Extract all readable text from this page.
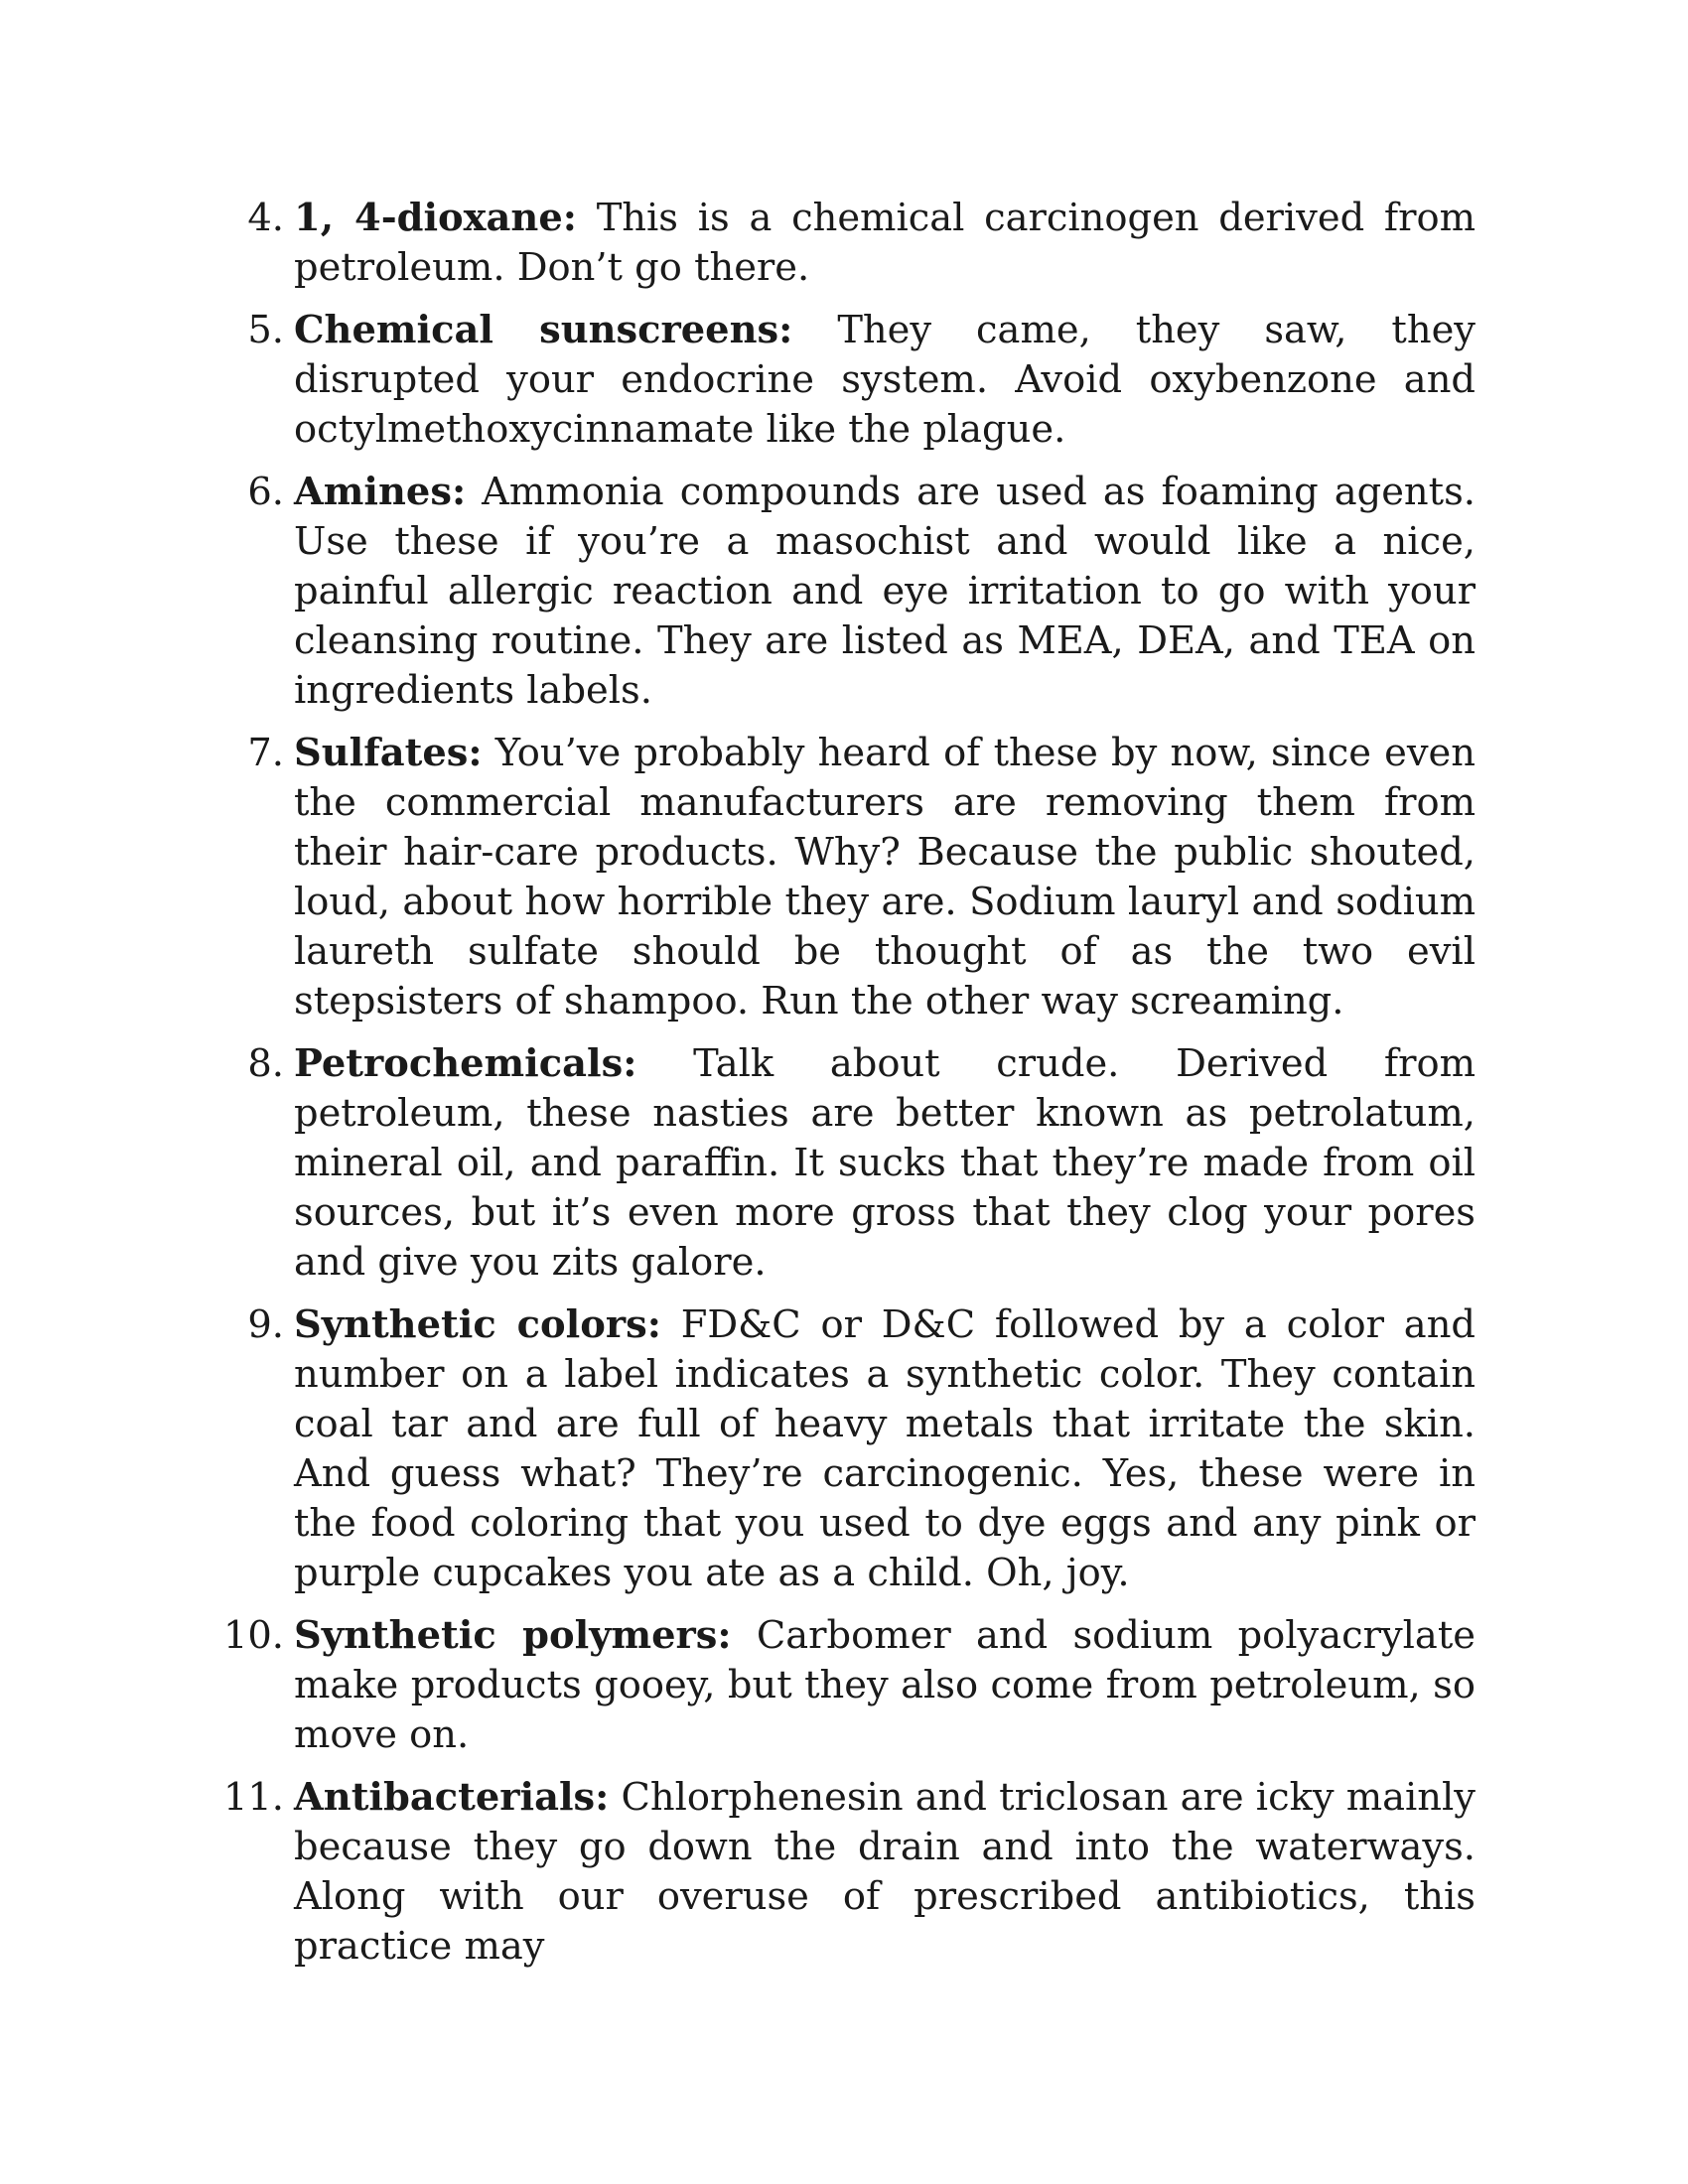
4. 1, 4-dioxane: This is a chemical carcinogen derived from petroleum. Don’t go there.
5. Chemical sunscreens: They came, they saw, they disrupted your endocrine system. Avoid oxybenzone and octylmethoxycinnamate like the plague.
6. Amines: Ammonia compounds are used as foaming agents. Use these if you’re a masochist and would like a nice, painful allergic reaction and eye irritation to go with your cleansing routine. They are listed as MEA, DEA, and TEA on ingredients labels.
7. Sulfates: You’ve probably heard of these by now, since even the commercial manufacturers are removing them from their hair-care products. Why? Because the public shouted, loud, about how horrible they are. Sodium lauryl and sodium laureth sulfate should be thought of as the two evil stepsisters of shampoo. Run the other way screaming.
8. Petrochemicals: Talk about crude. Derived from petroleum, these nasties are better known as petrolatum, mineral oil, and paraffin. It sucks that they’re made from oil sources, but it’s even more gross that they clog your pores and give you zits galore.
9. Synthetic colors: FD&C or D&C followed by a color and number on a label indicates a synthetic color. They contain coal tar and are full of heavy metals that irritate the skin. And guess what? They’re carcinogenic. Yes, these were in the food coloring that you used to dye eggs and any pink or purple cupcakes you ate as a child. Oh, joy.
10. Synthetic polymers: Carbomer and sodium polyacrylate make products gooey, but they also come from petroleum, so move on.
11. Antibacterials: Chlorphenesin and triclosan are icky mainly because they go down the drain and into the waterways. Along with our overuse of prescribed antibiotics, this practice may
